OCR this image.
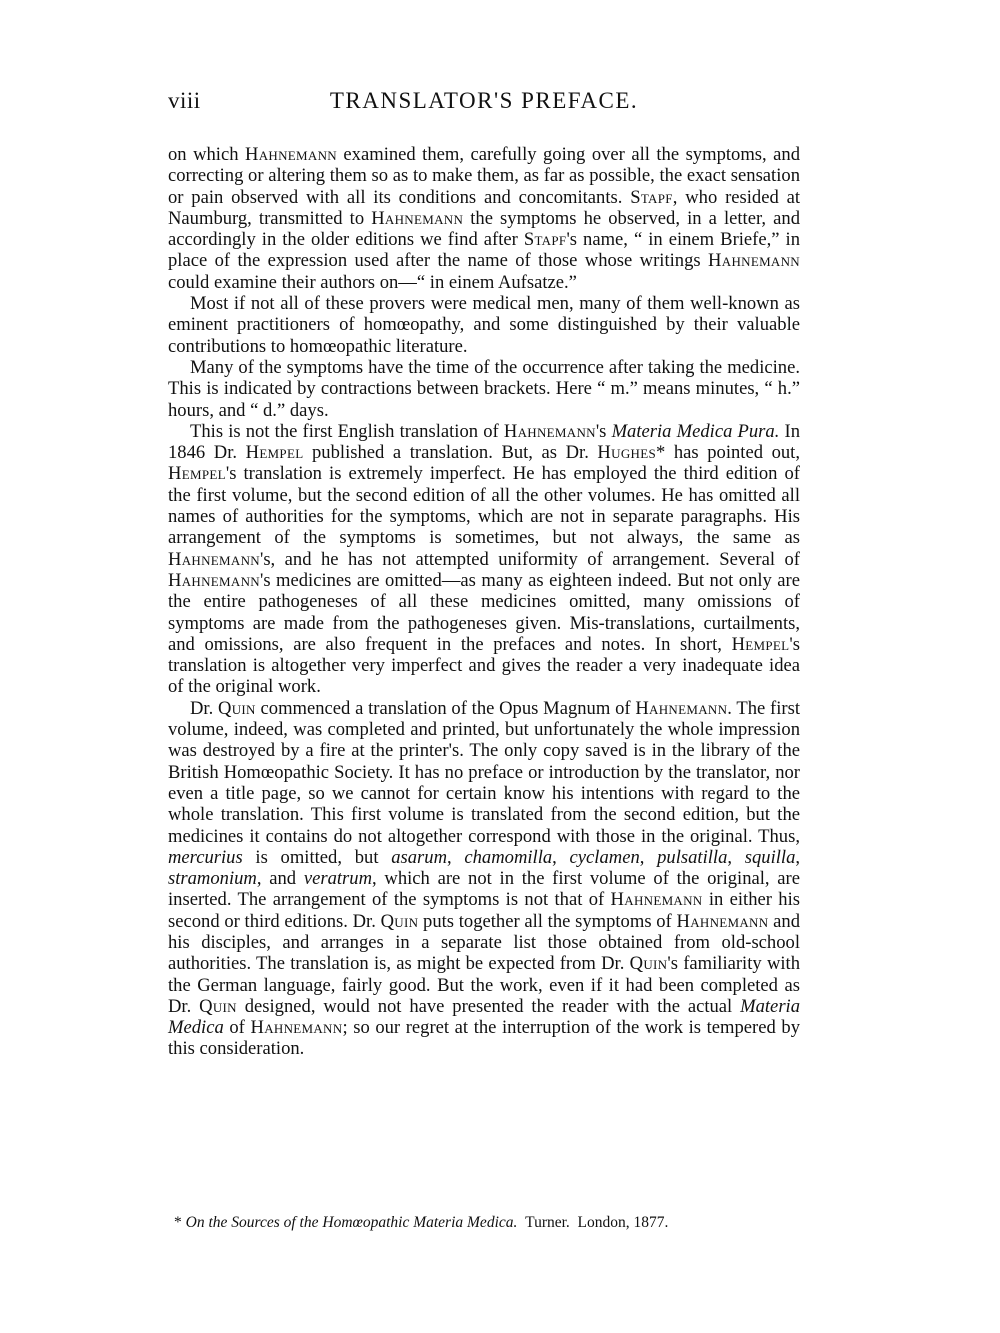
viii	TRANSLATOR'S PREFACE.

on which Hahnemann examined them, carefully going over all the symptoms, and correcting or altering them so as to make them, as far as possible, the exact sensation or pain observed with all its conditions and concomitants. Stapf, who resided at Naumburg, transmitted to Hahnemann the symptoms he observed, in a letter, and accordingly in the older editions we find after Stapf's name, “ in einem Briefe,” in place of the expression used after the name of those whose writings Hahnemann could examine their authors on—“ in einem Aufsatze.”

Most if not all of these provers were medical men, many of them well-known as eminent practitioners of homœopathy, and some distinguished by their valuable contributions to homœopathic literature.

Many of the symptoms have the time of the occurrence after taking the medicine. This is indicated by contractions between brackets. Here “ m.” means minutes, “ h.” hours, and “ d.” days.

This is not the first English translation of Hahnemann's Materia Medica Pura. In 1846 Dr. Hempel published a translation. But, as Dr. Hughes* has pointed out, Hempel's translation is extremely imperfect. He has employed the third edition of the first volume, but the second edition of all the other volumes. He has omitted all names of authorities for the symptoms, which are not in separate paragraphs. His arrangement of the symptoms is sometimes, but not always, the same as Hahnemann's, and he has not attempted uniformity of arrangement. Several of Hahnemann's medicines are omitted—as many as eighteen indeed. But not only are the entire pathogeneses of all these medicines omitted, many omissions of symptoms are made from the pathogeneses given. Mis-translations, curtailments, and omissions, are also frequent in the prefaces and notes. In short, Hempel's translation is altogether very imperfect and gives the reader a very inadequate idea of the original work.

Dr. Quin commenced a translation of the Opus Magnum of Hahnemann. The first volume, indeed, was completed and printed, but unfortunately the whole impression was destroyed by a fire at the printer's. The only copy saved is in the library of the British Homœopathic Society. It has no preface or introduction by the translator, nor even a title page, so we cannot for certain know his intentions with regard to the whole translation. This first volume is translated from the second edition, but the medicines it contains do not altogether correspond with those in the original. Thus, mercurius is omitted, but asarum, chamomilla, cyclamen, pulsatilla, squilla, stramonium, and veratrum, which are not in the first volume of the original, are inserted. The arrangement of the symptoms is not that of Hahnemann in either his second or third editions. Dr. Quin puts together all the symptoms of Hahnemann and his disciples, and arranges in a separate list those obtained from old-school authorities. The translation is, as might be expected from Dr. Quin's familiarity with the German language, fairly good. But the work, even if it had been completed as Dr. Quin designed, would not have presented the reader with the actual Materia Medica of Hahnemann; so our regret at the interruption of the work is tempered by this consideration.

* On the Sources of the Homœopathic Materia Medica. Turner. London, 1877.
